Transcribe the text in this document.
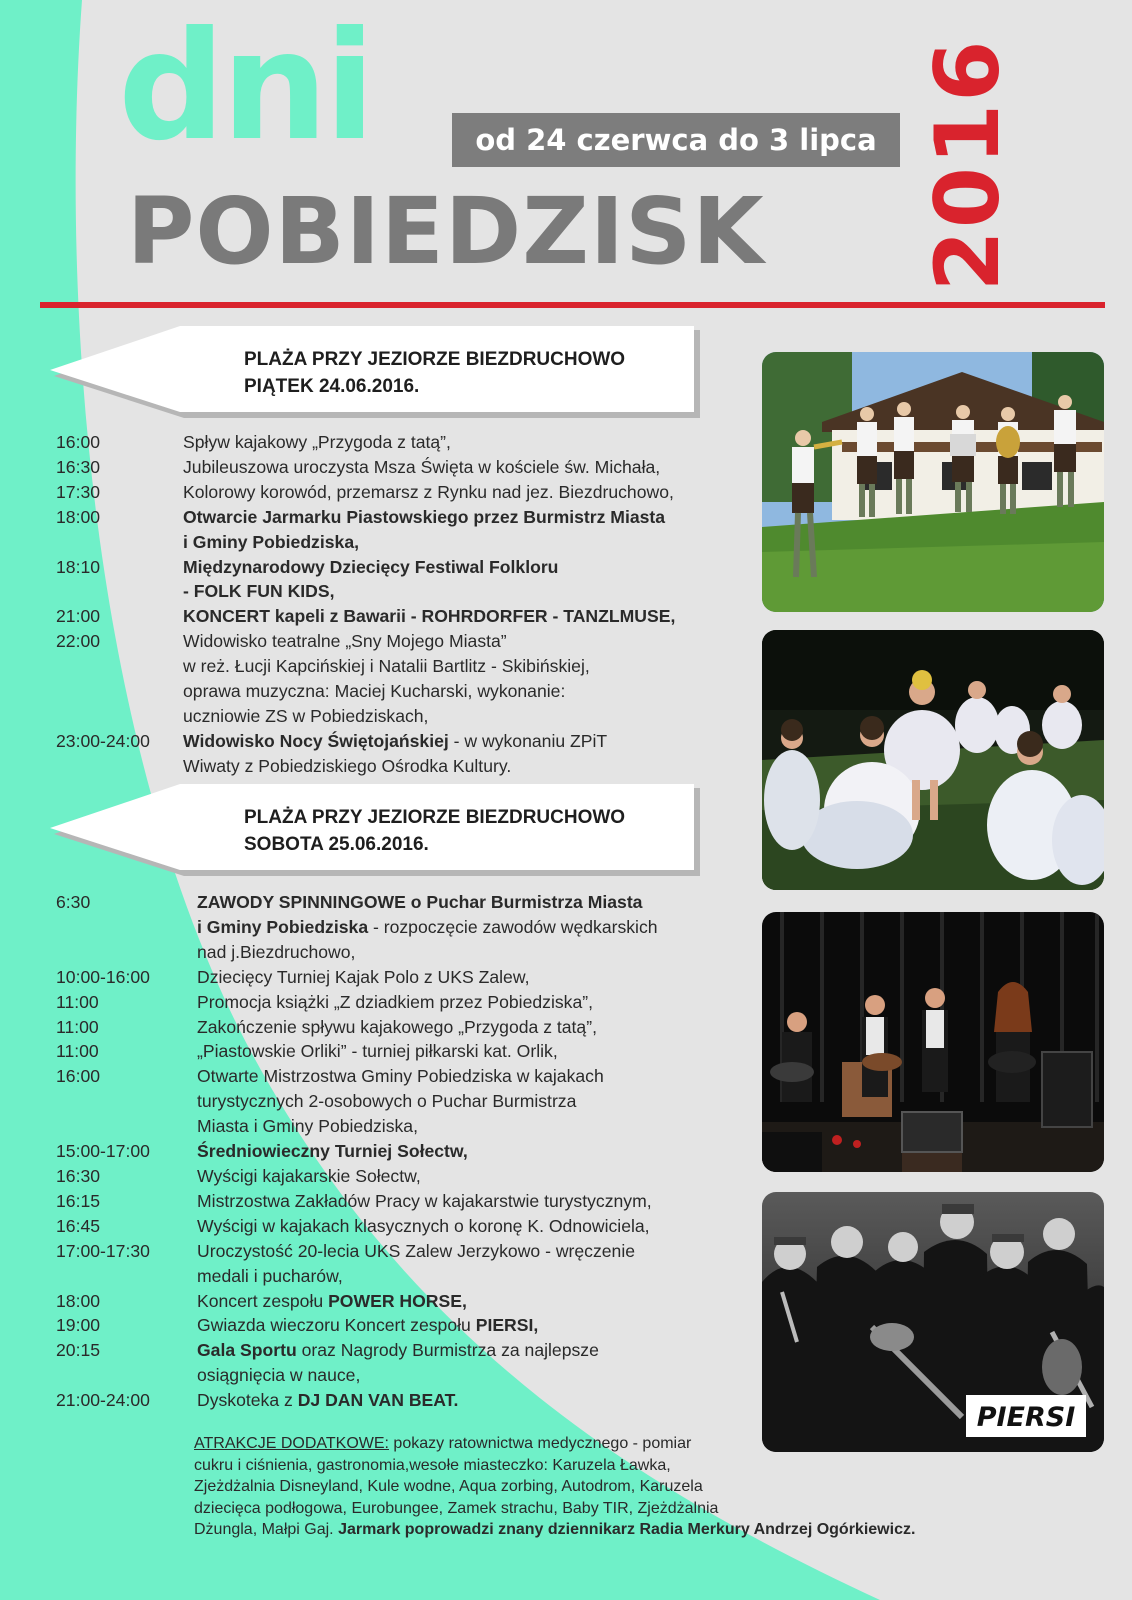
dni	od 24 czerwca do 3 lipca
POBIEDZISK 2016
PLAŻA PRZY JEZIORZE BIEZDRUCHOWO
PIĄTEK 24.06.2016.
16:00	Spływ kajakowy „Przygoda z tatą”,
16:30	Jubileuszowa uroczysta Msza Święta w kościele św. Michała,
17:30	Kolorowy korowód, przemarsz z Rynku nad jez. Biezdruchowo,
18:00	Otwarcie Jarmarku Piastowskiego przez Burmistrz Miasta
i Gminy Pobiedziska,
18:10	Międzynarodowy Dziecięcy Festiwal Folkloru
- FOLK FUN KIDS,
21:00	KONCERT kapeli z Bawarii - ROHRDORFER - TANZLMUSE,
22:00	Widowisko teatralne „Sny Mojego Miasta”
w reż. Łucji Kapcińskiej i Natalii Bartlitz - Skibińskiej,
oprawa muzyczna: Maciej Kucharski, wykonanie:
uczniowie ZS w Pobiedziskach,
23:00-24:00	Widowisko Nocy Świętojańskiej - w wykonaniu ZPiT
Wiwaty z Pobiedziskiego Ośrodka Kultury.
PLAŻA PRZY JEZIORZE BIEZDRUCHOWO
SOBOTA 25.06.2016.
6:30	ZAWODY SPINNINGOWE o Puchar Burmistrza Miasta
i Gminy Pobiedziska - rozpoczęcie zawodów wędkarskich
nad j.Biezdruchowo,
10:00-16:00	Dziecięcy Turniej Kajak Polo z UKS Zalew,
11:00	Promocja książki „Z dziadkiem przez Pobiedziska”,
11:00	Zakończenie spływu kajakowego „Przygoda z tatą”,
11:00	„Piastowskie Orliki” - turniej piłkarski kat. Orlik,
16:00	Otwarte Mistrzostwa Gminy Pobiedziska w kajakach
turystycznych 2-osobowych o Puchar Burmistrza
Miasta i Gminy Pobiedziska,
15:00-17:00	Średniowieczny Turniej Sołectw,
16:30	Wyścigi kajakarskie Sołectw,
16:15	Mistrzostwa Zakładów Pracy w kajakarstwie turystycznym,
16:45	Wyścigi w kajakach klasycznych o koronę K. Odnowiciela,
17:00-17:30	Uroczystość 20-lecia UKS Zalew Jerzykowo - wręczenie
medali i pucharów,
18:00	Koncert zespołu POWER HORSE,
19:00	Gwiazda wieczoru Koncert zespołu PIERSI,
20:15	Gala Sportu oraz Nagrody Burmistrza za najlepsze
osiągnięcia w nauce,
21:00-24:00	Dyskoteka z DJ DAN VAN BEAT.
PIERSI
ATRAKCJE DODATKOWE: pokazy ratownictwa medycznego - pomiar
cukru i ciśnienia, gastronomia,wesołe miasteczko: Karuzela Ławka,
Zjeżdżalnia Disneyland, Kule wodne, Aqua zorbing, Autodrom, Karuzela
dziecięca podłogowa, Eurobungee, Zamek strachu, Baby TIR, Zjeżdżalnia
Dżungla, Małpi Gaj. Jarmark poprowadzi znany dziennikarz Radia Merkury Andrzej Ogórkiewicz.
